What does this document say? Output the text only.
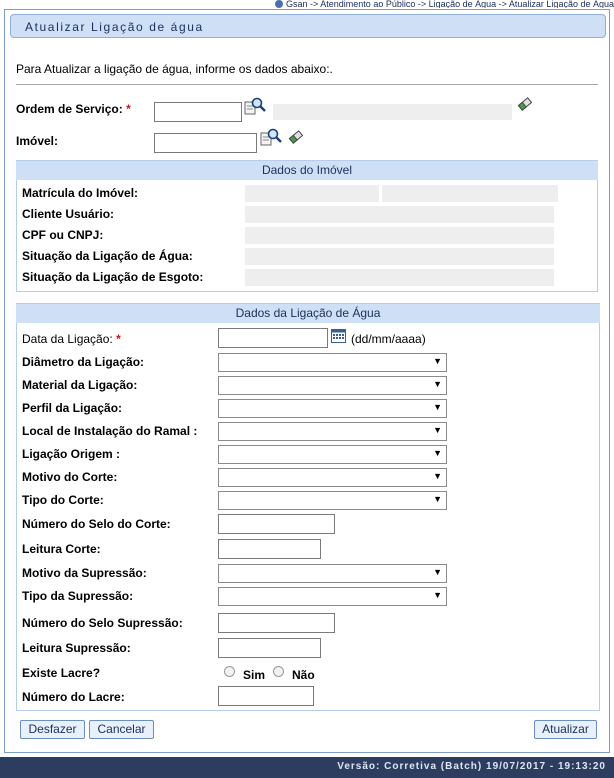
Gsan -> Atendimento ao Público -> Ligação de Água -> Atualizar Ligação de Água
Atualizar Ligação de água
Para Atualizar a ligação de água, informe os dados abaixo:.
Ordem de Serviço: *
Imóvel:
Dados do Imóvel
Matrícula do Imóvel:
Cliente Usuário:
CPF ou CNPJ:
Situação da Ligação de Água:
Situação da Ligação de Esgoto:
Dados da Ligação de Água
Data da Ligação: *	(dd/mm/aaaa)
Diâmetro da Ligação:
▼
Material da Ligação:
▼
Perfil da Ligação:
▼
Local de Instalação do Ramal :
▼
Ligação Origem :
▼
Motivo do Corte:
▼
Tipo do Corte:
▼
Número do Selo do Corte:
Leitura Corte:
Motivo da Supressão:
▼
Tipo da Supressão:
▼
Número do Selo Supressão:
Leitura Supressão:
Existe Lacre?	Sim Não
Número do Lacre:
Desfazer	Cancelar	Atualizar
Versão: Corretiva (Batch) 19/07/2017 - 19:13:20
